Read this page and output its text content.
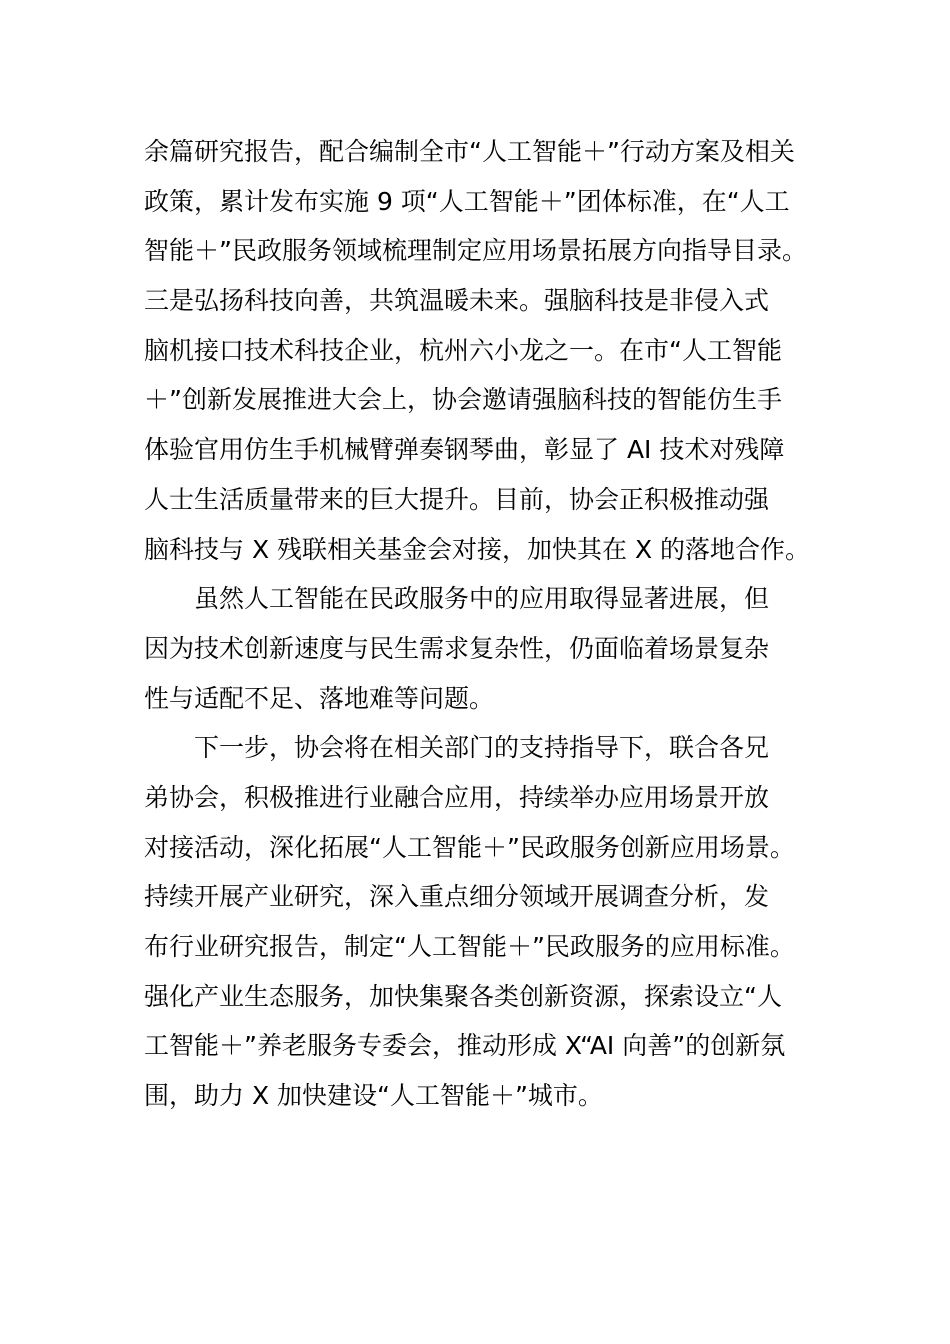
余篇研究报告，配合编制全市“人工智能＋”行动方案及相关
政策，累计发布实施 9 项“人工智能＋”团体标准，在“人工
智能＋”民政服务领域梳理制定应用场景拓展方向指导目录。
三是弘扬科技向善，共筑温暖未来。强脑科技是非侵入式
脑机接口技术科技企业，杭州六小龙之一。在市“人工智能
＋”创新发展推进大会上，协会邀请强脑科技的智能仿生手
体验官用仿生手机械臂弹奏钢琴曲，彰显了 AI 技术对残障
人士生活质量带来的巨大提升。目前，协会正积极推动强
脑科技与 X 残联相关基金会对接，加快其在 X 的落地合作。
　　虽然人工智能在民政服务中的应用取得显著进展，但
因为技术创新速度与民生需求复杂性，仍面临着场景复杂
性与适配不足、落地难等问题。
　　下一步，协会将在相关部门的支持指导下，联合各兄
弟协会，积极推进行业融合应用，持续举办应用场景开放
对接活动，深化拓展“人工智能＋”民政服务创新应用场景。
持续开展产业研究，深入重点细分领域开展调查分析，发
布行业研究报告，制定“人工智能＋”民政服务的应用标准。
强化产业生态服务，加快集聚各类创新资源，探索设立“人
工智能＋”养老服务专委会，推动形成 X“AI 向善”的创新氛
围，助力 X 加快建设“人工智能＋”城市。
